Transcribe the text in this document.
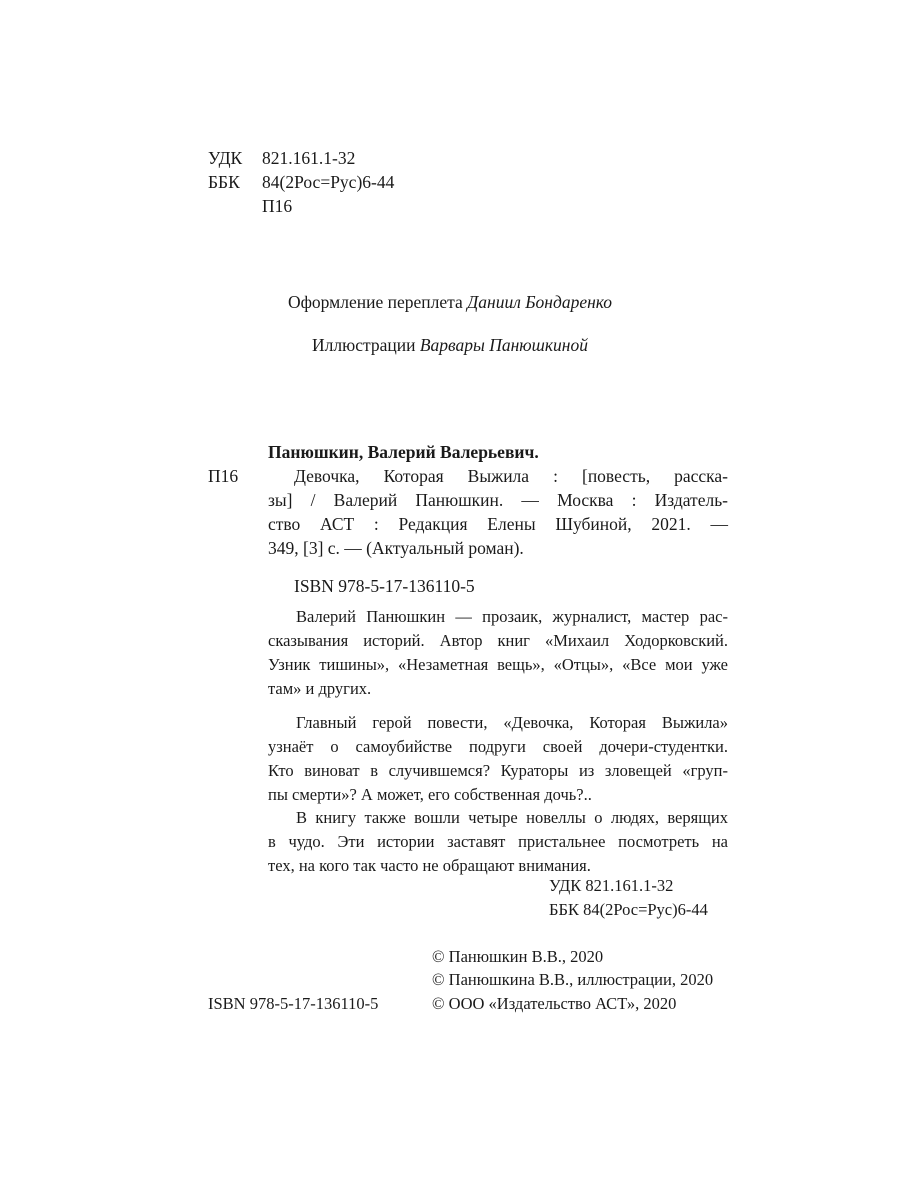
УДК 821.161.1-32
ББК 84(2Рос=Рус)6-44
П16
Оформление переплета Даниил Бондаренко
Иллюстрации Варвары Панюшкиной
Панюшкин, Валерий Валерьевич.
П16	Девочка, Которая Выжила : [повесть, расска-
зы] / Валерий Панюшкин. — Москва : Издатель-
ство АСТ : Редакция Елены Шубиной, 2021. —
349, [3] с. — (Актуальный роман).
ISBN 978-5-17-136110-5
Валерий Панюшкин — прозаик, журналист, мастер рас-
сказывания историй. Автор книг «Михаил Ходорковский.
Узник тишины», «Незаметная вещь», «Отцы», «Все мои уже
там» и других.
Главный герой повести, «Девочка, Которая Выжила»
узнаёт о самоубийстве подруги своей дочери-студентки.
Кто виноват в случившемся? Кураторы из зловещей «груп-
пы смерти»? А может, его собственная дочь?..
В книгу также вошли четыре новеллы о людях, верящих
в чудо. Эти истории заставят пристальнее посмотреть на
тех, на кого так часто не обращают внимания.
УДК 821.161.1-32
ББК 84(2Рос=Рус)6-44
© Панюшкин В.В., 2020
© Панюшкина В.В., иллюстрации, 2020
© ООО «Издательство АСТ», 2020
ISBN 978-5-17-136110-5
